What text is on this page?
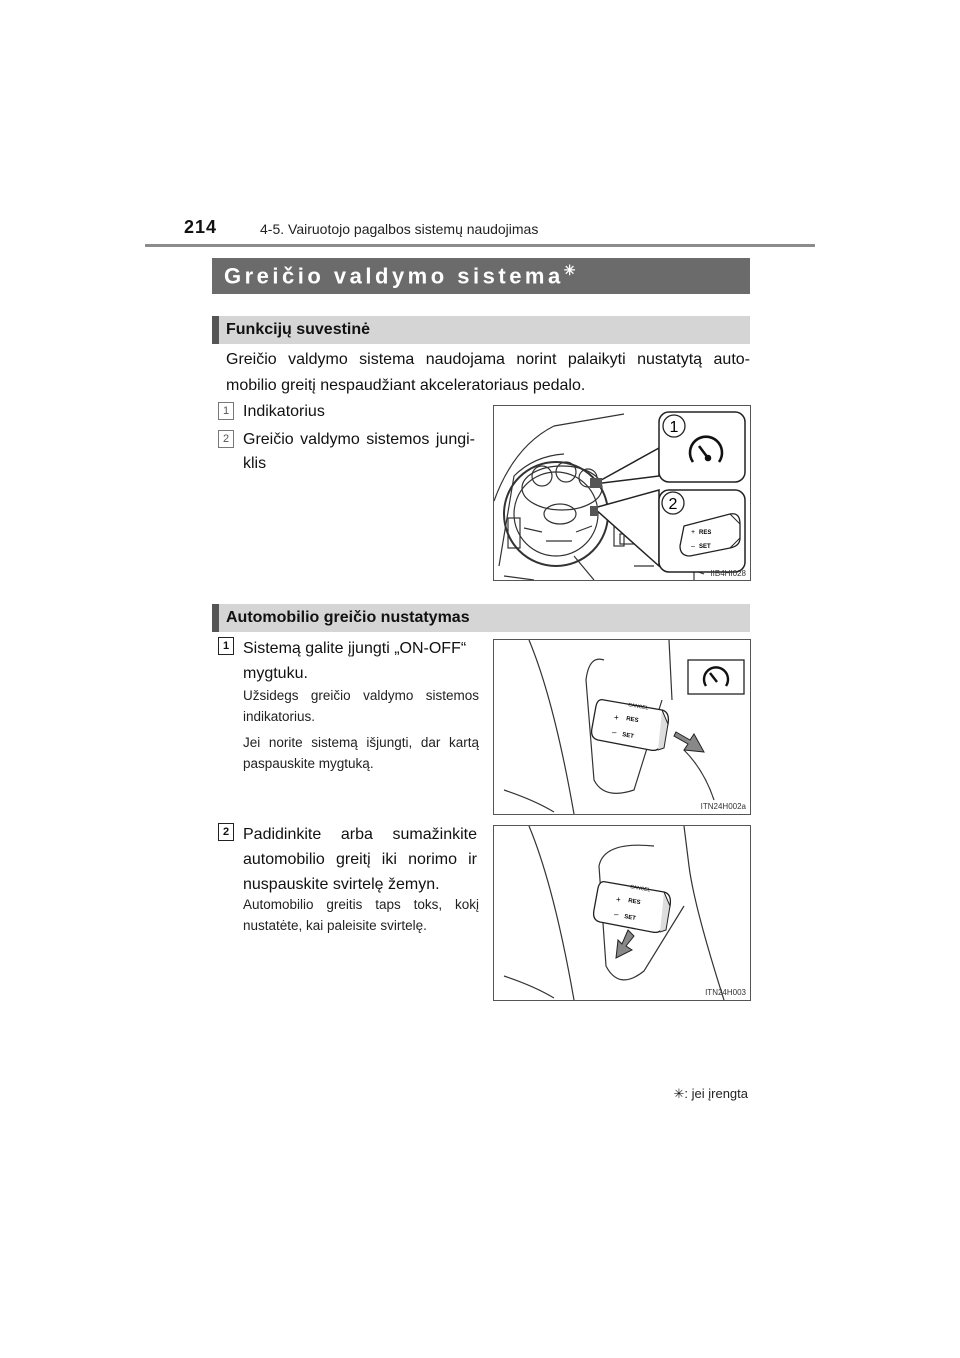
214	4-5. Vairuotojo pagalbos sistemų naudojimas
Greičio valdymo sistema✳
Funkcijų suvestinė
Greičio valdymo sistema naudojama norint palaikyti nustatytą auto-mobilio greitį nespaudžiant akceleratoriaus pedalo.
1 Indikatorius
2 Greičio valdymo sistemos jungi-klis
1
2
RES
SET
+
–
IIB4HI028
Automobilio greičio nustatymas
1 Sistemą galite įjungti „ON-OFF“ mygtuku.
Užsidegs greičio valdymo sistemos indikatorius.
Jei norite sistemą išjungti, dar kartą paspauskite mygtuką.
CANCEL
RES
SET
+
–
ITN24H002a
2 Padidinkite arba sumažinkite automobilio greitį iki norimo ir nuspauskite svirtelę žemyn.
Automobilio greitis taps toks, kokį nustatėte, kai paleisite svirtelę.
CANCEL
RES
SET
+
–
ITN24H003
✳: jei įrengta
